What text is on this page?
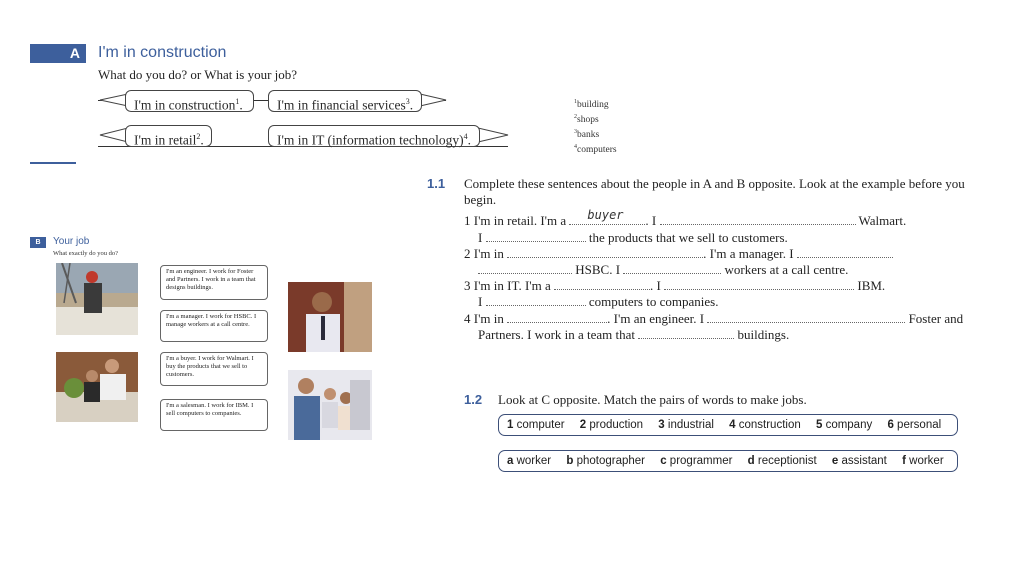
A	I'm in construction
What do you do? or What is your job?
I'm in construction$^1$.	I'm in financial services$^3$.
I'm in retail$^2$.	I'm in IT (information technology)$^4$.
$^1$building
$^2$shops
$^3$banks
$^4$computers
B	Your job
What exactly do you do?
I'm an engineer. I work for Foster and Partners. I work in a team that designs buildings.
I'm a manager. I work for HSBC. I manage workers at a call centre.
I'm a buyer. I work for Walmart. I buy the products that we sell to customers.
I'm a salesman. I work for IBM. I sell computers to companies.
1.1 Complete these sentences about the people in A and B opposite. Look at the example before you begin.
1 I'm in retail. I'm a buyer . I	Walmart.
I	the products that we sell to customers.
2 I'm in	. I'm a manager. I
HSBC. I	workers at a call centre.
3 I'm in IT. I'm a	. I	IBM.
I	computers to companies.
4 I'm in	. I'm an engineer. I	Foster and
Partners. I work in a team that	buildings.
1.2 Look at C opposite. Match the pairs of words to make jobs.
1 computer 2 production 3 industrial 4 construction 5 company 6 personal
a worker b photographer c programmer d receptionist e assistant f worker
